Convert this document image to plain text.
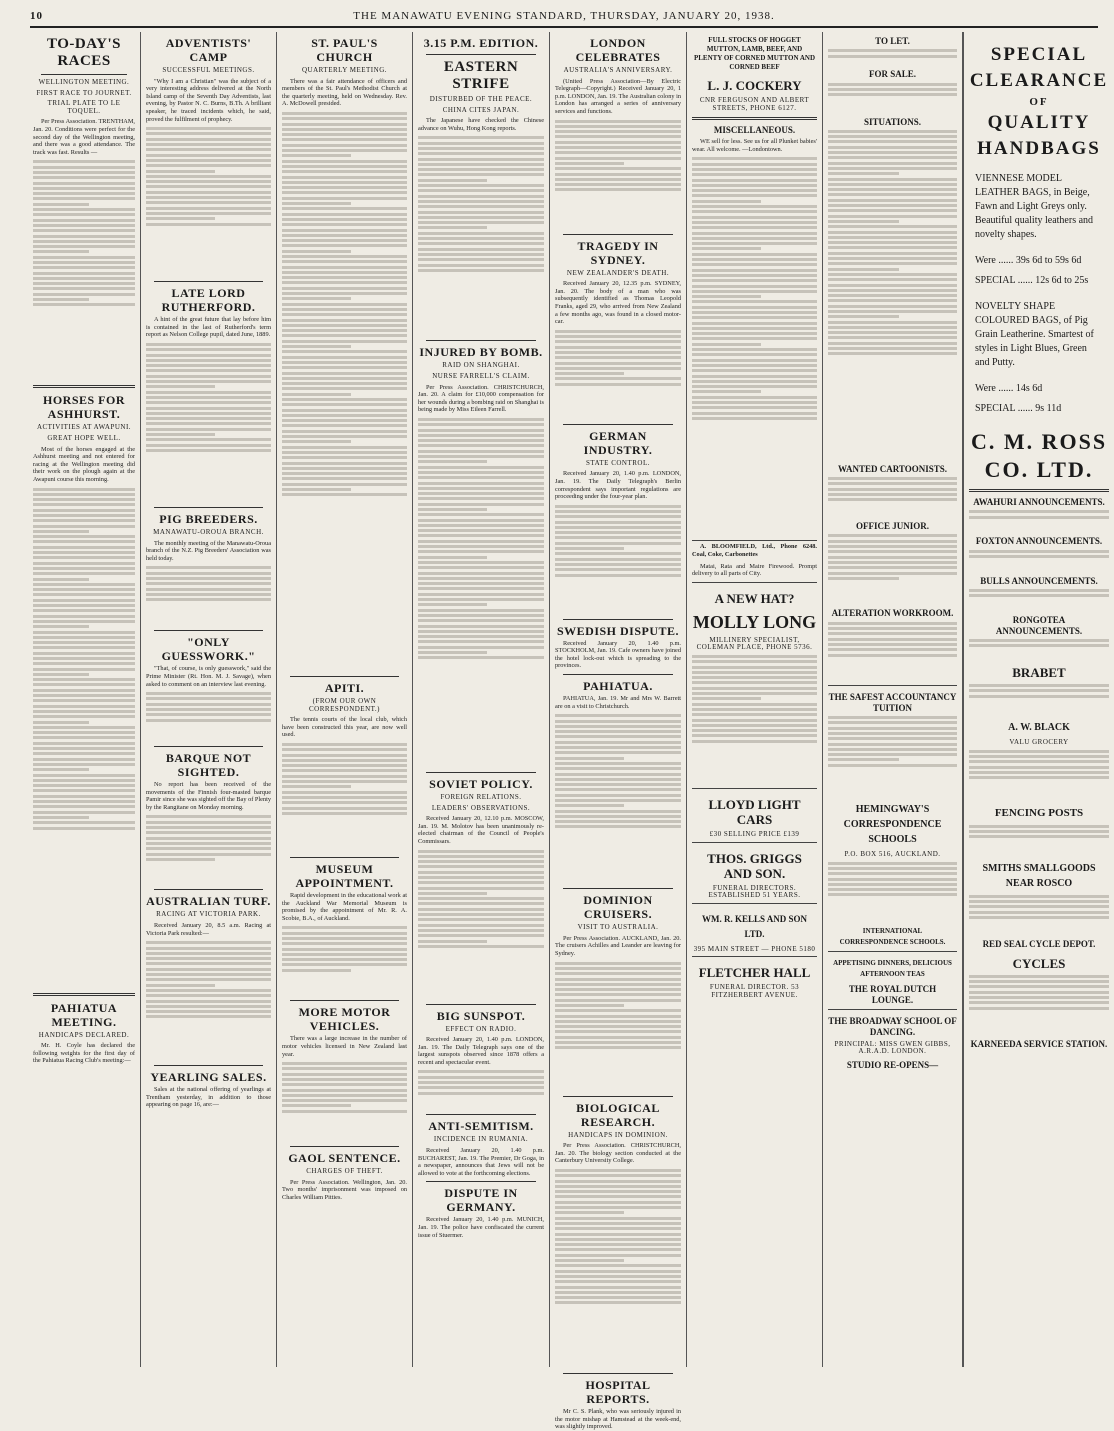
10	THE MANAWATU EVENING STANDARD, THURSDAY, JANUARY 20, 1938.
TO-DAY'S RACES
WELLINGTON MEETING.
FIRST RACE TO JOURNET.
TRIAL PLATE TO LE TOQUEL.

Per Press Association. TRENTHAM, Jan. 20. Conditions were perfect for the second day of the Wellington meeting, and there was a good attendance. The track was fast. Results —

HORSES FOR ASHHURST.
ACTIVITIES AT AWAPUNI.
GREAT HOPE WELL.

Most of the horses engaged at the Ashhurst meeting and not entered for racing at the Wellington meeting did their work on the plough again at the Awapuni course this morning.

PAHIATUA MEETING.
HANDICAPS DECLARED.

Mr. H. Coyle has declared the following weights for the first day of the Pahiatua Racing Club's meeting:—

ADVENTISTS' CAMP
SUCCESSFUL MEETINGS.

"Why I am a Christian" was the subject of a very interesting address delivered at the North Island camp of the Seventh Day Adventists, last evening, by Pastor N. C. Burns, B.Th. A brilliant speaker, he traced incidents which, he said, proved the fulfilment of prophecy.

LATE LORD RUTHERFORD.

A hint of the great future that lay before him is contained in the last of Rutherford's term report as Nelson College pupil, dated June, 1889.

PIG BREEDERS.
MANAWATU-OROUA BRANCH.

The monthly meeting of the Manawatu-Oroua branch of the N.Z. Pig Breeders' Association was held today.

"ONLY GUESSWORK."

"That, of course, is only guesswork," said the Prime Minister (Rt. Hon. M. J. Savage), when asked to comment on an interview last evening.

BARQUE NOT SIGHTED.

No report has been received of the movements of the Finnish four-masted barque Pamir since she was sighted off the Bay of Plenty by the Rangitane on Monday morning.

AUSTRALIAN TURF.
RACING AT VICTORIA PARK.

Received January 20, 8.5 a.m. Racing at Victoria Park resulted:—

YEARLING SALES.

Sales at the national offering of yearlings at Trentham yesterday, in addition to those appearing on page 16, are:—

ST. PAUL'S CHURCH
QUARTERLY MEETING.

There was a fair attendance of officers and members of the St. Paul's Methodist Church at the quarterly meeting, held on Wednesday. Rev. A. McDowell presided.

APITI.
(FROM OUR OWN CORRESPONDENT.)

The tennis courts of the local club, which have been constructed this year, are now well used.

MUSEUM APPOINTMENT.

Rapid development in the educational work at the Auckland War Memorial Museum is promised by the appointment of Mr. R. A. Scobie, B.A., of Auckland.

MORE MOTOR VEHICLES.

There was a large increase in the number of motor vehicles licensed in New Zealand last year.

GAOL SENTENCE.
CHARGES OF THEFT.

Per Press Association. Wellington, Jan. 20. Two months' imprisonment was imposed on Charles William Pitties.

3.15 P.M. EDITION.
EASTERN STRIFE
DISTURBED OF THE PEACE.
CHINA CITES JAPAN.

The Japanese have checked the Chinese advance on Wuhu, Hong Kong reports.

INJURED BY BOMB.
RAID ON SHANGHAI.
NURSE FARRELL'S CLAIM.

Per Press Association. CHRISTCHURCH, Jan. 20. A claim for £10,000 compensation for her wounds during a bombing raid on Shanghai is being made by Miss Eileen Farrell.

SOVIET POLICY.
FOREIGN RELATIONS.
LEADERS' OBSERVATIONS.

Received January 20, 12.10 p.m. MOSCOW, Jan. 19. M. Molotov has been unanimously re-elected chairman of the Council of People's Commissars.

BIG SUNSPOT.
EFFECT ON RADIO.

Received January 20, 1.40 p.m. LONDON, Jan. 19. The Daily Telegraph says one of the largest sunspots observed since 1878 offers a recent and spectacular event.

ANTI-SEMITISM.
INCIDENCE IN RUMANIA.

Received January 20, 1.40 p.m. BUCHAREST, Jan. 19. The Premier, Dr Goga, in a newspaper, announces that Jews will not be allowed to vote at the forthcoming elections.

DISPUTE IN GERMANY.

Received January 20, 1.40 p.m. MUNICH, Jan. 19. The police have confiscated the current issue of Stuermer.

LONDON CELEBRATES
AUSTRALIA'S ANNIVERSARY.

(United Press Association—By Electric Telegraph—Copyright.) Received January 20, 1 p.m. LONDON, Jan. 19. The Australian colony in London has arranged a series of anniversary services and functions.

TRAGEDY IN SYDNEY.
NEW ZEALANDER'S DEATH.

Received January 20, 12.35 p.m. SYDNEY, Jan. 20. The body of a man who was subsequently identified as Thomas Leopold Franks, aged 29, who arrived from New Zealand a few months ago, was found in a closed motor-car.

GERMAN INDUSTRY.
STATE CONTROL.

Received January 20, 1.40 p.m. LONDON, Jan. 19. The Daily Telegraph's Berlin correspondent says important regulations are proceeding under the four-year plan.

SWEDISH DISPUTE.

Received January 20, 1.40 p.m. STOCKHOLM, Jan. 19. Cafe owners have joined the hotel lock-out which is spreading to the provinces.

PAHIATUA.

PAHIATUA, Jan. 19. Mr and Mrs W. Barrett are on a visit to Christchurch.

DOMINION CRUISERS.
VISIT TO AUSTRALIA.

Per Press Association. AUCKLAND, Jan. 20. The cruisers Achilles and Leander are leaving for Sydney.

BIOLOGICAL RESEARCH.
HANDICAPS IN DOMINION.

Per Press Association. CHRISTCHURCH, Jan. 20. The biology section conducted at the Canterbury University College.

HOSPITAL REPORTS.

Mr C. S. Plank, who was seriously injured in the motor mishap at Hamstead at the week-end, was slightly improved.

FULL STOCKS OF HOGGET MUTTON, LAMB, BEEF, AND PLENTY OF CORNED MUTTON AND CORNED BEEF
L. J. COCKERY
CNR FERGUSON AND ALBERT STREETS, PHONE 6127.
MISCELLANEOUS.

WE sell for less. See us for all Plunket babies' wear. All welcome. —Londontown.

A. BLOOMFIELD, Ltd., Phone 6248. Coal, Coke, Carbonettes

Matai, Rata and Maire Firewood. Prompt delivery to all parts of City.

A NEW HAT?
MOLLY LONG
MILLINERY SPECIALIST, COLEMAN PLACE, PHONE 5736.
LLOYD LIGHT CARS
£30 SELLING PRICE £139
THOS. GRIGGS AND SON.
FUNERAL DIRECTORS. ESTABLISHED 51 YEARS.
WM. R. KELLS AND SON LTD.
395 MAIN STREET — PHONE 5180
FLETCHER HALL
FUNERAL DIRECTOR. 53 FITZHERBERT AVENUE.
TO LET.
FOR SALE.
SITUATIONS.
WANTED CARTOONISTS.
OFFICE JUNIOR.
ALTERATION WORKROOM.
THE SAFEST ACCOUNTANCY TUITION
HEMINGWAY'S CORRESPONDENCE SCHOOLS
P.O. BOX 516, AUCKLAND.
INTERNATIONAL CORRESPONDENCE SCHOOLS.
APPETISING DINNERS, DELICIOUS AFTERNOON TEAS
THE ROYAL DUTCH LOUNGE.
THE BROADWAY SCHOOL OF DANCING.
PRINCIPAL: MISS GWEN GIBBS, A.R.A.D. LONDON.
STUDIO RE-OPENS—
SPECIAL
CLEARANCE
OF
QUALITY
HANDBAGS

VIENNESE MODEL LEATHER BAGS, in Beige, Fawn and Light Greys only. Beautiful quality leathers and novelty shapes.

Were ...... 39s 6d to 59s 6d
SPECIAL ...... 12s 6d to 25s

NOVELTY SHAPE COLOURED BAGS, of Pig Grain Leatherine. Smartest of styles in Light Blues, Green and Putty.

Were ...... 14s 6d
SPECIAL ...... 9s 11d
C. M. ROSS
CO. LTD.
AWAHURI ANNOUNCEMENTS.
FOXTON ANNOUNCEMENTS.
BULLS ANNOUNCEMENTS.
RONGOTEA ANNOUNCEMENTS.
BRABET
A. W. BLACK
VALU GROCERY
FENCING POSTS
SMITHS SMALLGOODS NEAR ROSCO
RED SEAL CYCLE DEPOT.
CYCLES
KARNEEDA SERVICE STATION.
